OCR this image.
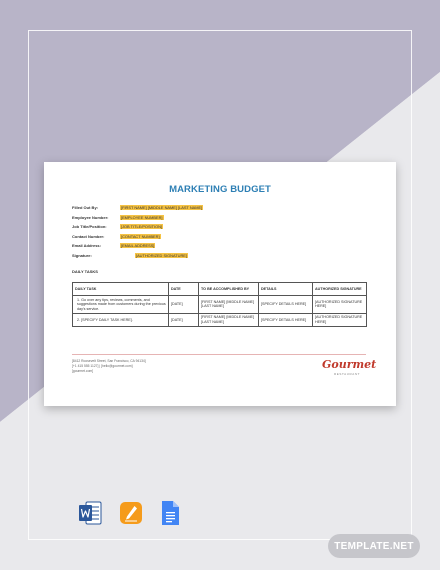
MARKETING BUDGET
Filled Out By:	[FIRST NAME] [MIDDLE NAME] [LAST NAME]
Employee Number:	[EMPLOYEE NUMBER]
Job Title/Position:	[JOB TITLE/POSITION]
Contact Number:	[CONTACT NUMBER]
Email Address:	[EMAIL ADDRESS]
Signature:	[AUTHORIZED SIGNATURE]
DAILY TASKS
DAILY TASK	DATE	TO BE ACCOMPLISHED BY	DETAILS	AUTHORIZED SIGNATURE
1. Go over any tips, reviews, comments, and suggestions made from customers during the previous day's service.	[DATE]	[FIRST NAME] [MIDDLE NAME] [LAST NAME]	[SPECIFY DETAILS HERE]	[AUTHORIZED SIGNATURE HERE]
2. [SPECIFY DAILY TASK HERE].	[DATE]	[FIRST NAME] [MIDDLE NAME] [LAST NAME]	[SPECIFY DETAILS HERE]	[AUTHORIZED SIGNATURE HERE]
[8412 Roosevelt Street, San Francisco, CA 94134]
[+1 415 555 1127] | [hello@gourmet.com]
[gourmet.com]	Gourmet
RESTAURANT
TEMPLATE.NET
